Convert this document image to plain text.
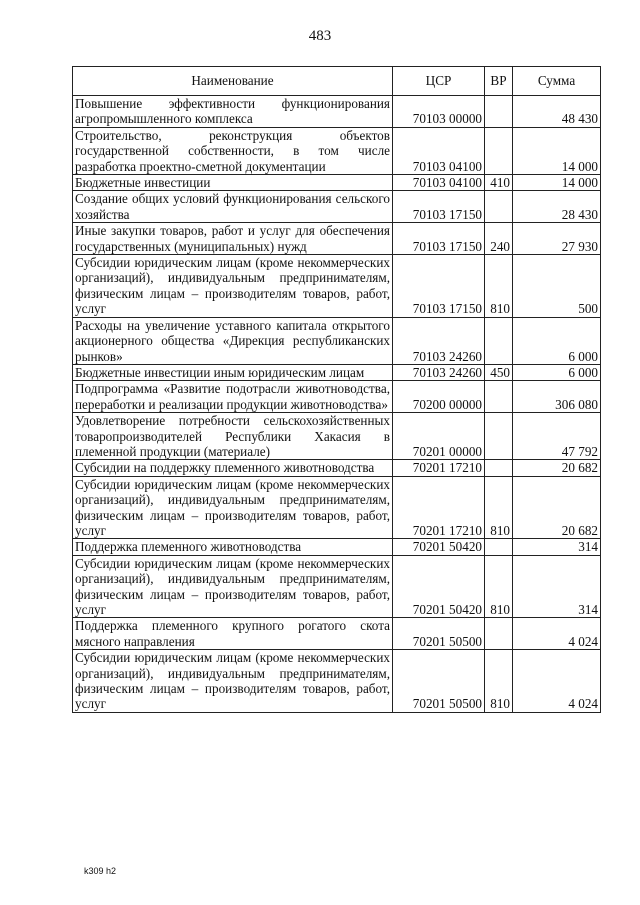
483
Наименование	ЦСР	ВР	Сумма
Повышение эффективности функционирования агропромышленного комплекса	70103 00000		48 430
Строительство, реконструкция объектов государственной собственности, в том числе разработка проектно-сметной документации	70103 04100		14 000
Бюджетные инвестиции	70103 04100	410	14 000
Создание общих условий функционирования сельского хозяйства	70103 17150		28 430
Иные закупки товаров, работ и услуг для обеспечения государственных (муниципальных) нужд	70103 17150	240	27 930
Субсидии юридическим лицам (кроме некоммерческих организаций), индивидуальным предпринимателям, физическим лицам – производителям товаров, работ, услуг	70103 17150	810	500
Расходы на увеличение уставного капитала открытого акционерного общества «Дирекция республиканских рынков»	70103 24260		6 000
Бюджетные инвестиции иным юридическим лицам	70103 24260	450	6 000
Подпрограмма «Развитие подотрасли животноводства, переработки и реализации продукции животноводства»	70200 00000		306 080
Удовлетворение потребности сельскохозяйственных товаропроизводителей Республики Хакасия в племенной продукции (материале)	70201 00000		47 792
Субсидии на поддержку племенного животноводства	70201 17210		20 682
Субсидии юридическим лицам (кроме некоммерческих организаций), индивидуальным предпринимателям, физическим лицам – производителям товаров, работ, услуг	70201 17210	810	20 682
Поддержка племенного животноводства	70201 50420		314
Субсидии юридическим лицам (кроме некоммерческих организаций), индивидуальным предпринимателям, физическим лицам – производителям товаров, работ, услуг	70201 50420	810	314
Поддержка племенного крупного рогатого скота мясного направления	70201 50500		4 024
Субсидии юридическим лицам (кроме некоммерческих организаций), индивидуальным предпринимателям, физическим лицам – производителям товаров, работ, услуг	70201 50500	810	4 024
k309 h2
